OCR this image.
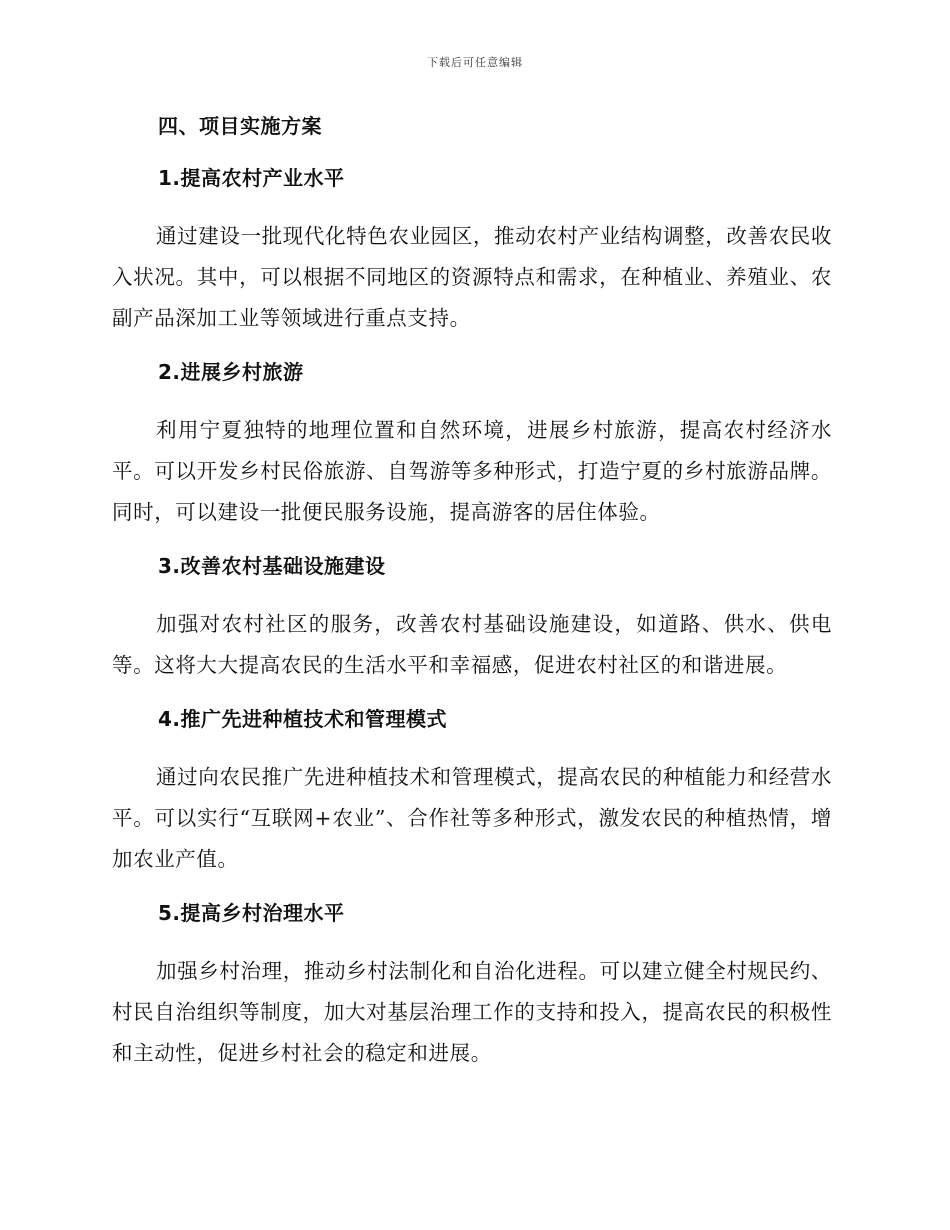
下载后可任意编辑
四、项目实施方案
1.提高农村产业水平

通过建设一批现代化特色农业园区，推动农村产业结构调整，改善农民收入状况。其中，可以根据不同地区的资源特点和需求，在种植业、养殖业、农副产品深加工业等领域进行重点支持。

2.进展乡村旅游

利用宁夏独特的地理位置和自然环境，进展乡村旅游，提高农村经济水平。可以开发乡村民俗旅游、自驾游等多种形式，打造宁夏的乡村旅游品牌。同时，可以建设一批便民服务设施，提高游客的居住体验。

3.改善农村基础设施建设

加强对农村社区的服务，改善农村基础设施建设，如道路、供水、供电等。这将大大提高农民的生活水平和幸福感，促进农村社区的和谐进展。

4.推广先进种植技术和管理模式

通过向农民推广先进种植技术和管理模式，提高农民的种植能力和经营水平。可以实行“互联网+农业”、合作社等多种形式，激发农民的种植热情，增加农业产值。

5.提高乡村治理水平

加强乡村治理，推动乡村法制化和自治化进程。可以建立健全村规民约、村民自治组织等制度，加大对基层治理工作的支持和投入，提高农民的积极性和主动性，促进乡村社会的稳定和进展。
